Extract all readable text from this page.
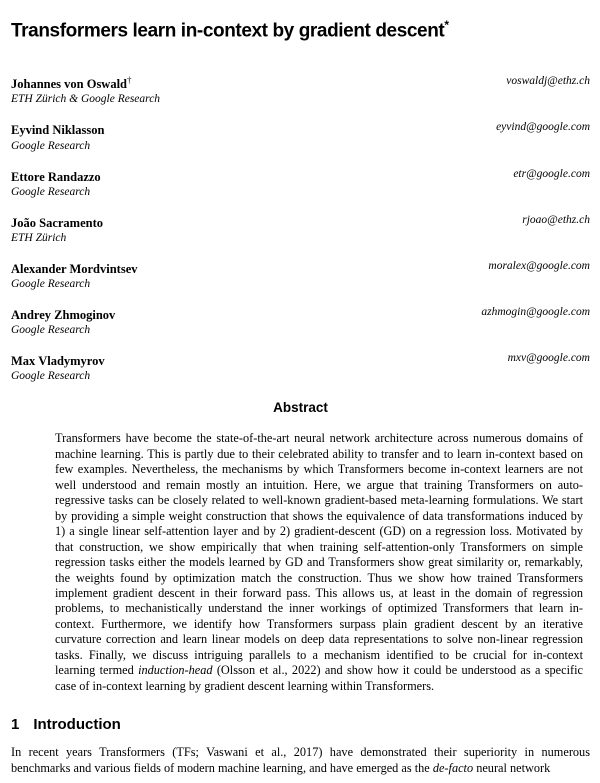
Transformers learn in-context by gradient descent*
Johannes von Oswald†
ETH Zürich & Google Research
voswaldj@ethz.ch
Eyvind Niklasson
Google Research
eyvind@google.com
Ettore Randazzo
Google Research
etr@google.com
João Sacramento
ETH Zürich
rjoao@ethz.ch
Alexander Mordvintsev
Google Research
moralex@google.com
Andrey Zhmoginov
Google Research
azhmogin@google.com
Max Vladymyrov
Google Research
mxv@google.com
Abstract

Transformers have become the state-of-the-art neural network architecture across numerous domains of machine learning. This is partly due to their celebrated ability to transfer and to learn in-context based on few examples. Nevertheless, the mechanisms by which Transformers become in-context learners are not well understood and remain mostly an intuition. Here, we argue that training Transformers on auto-regressive tasks can be closely related to well-known gradient-based meta-learning formulations. We start by providing a simple weight construction that shows the equivalence of data transformations induced by 1) a single linear self-attention layer and by 2) gradient-descent (GD) on a regression loss. Motivated by that construction, we show empirically that when training self-attention-only Transformers on simple regression tasks either the models learned by GD and Transformers show great similarity or, remarkably, the weights found by optimization match the construction. Thus we show how trained Transformers implement gradient descent in their forward pass. This allows us, at least in the domain of regression problems, to mechanistically understand the inner workings of optimized Transformers that learn in-context. Furthermore, we identify how Transformers surpass plain gradient descent by an iterative curvature correction and learn linear models on deep data representations to solve non-linear regression tasks. Finally, we discuss intriguing parallels to a mechanism identified to be crucial for in-context learning termed induction-head (Olsson et al., 2022) and show how it could be understood as a specific case of in-context learning by gradient descent learning within Transformers.

1 Introduction

In recent years Transformers (TFs; Vaswani et al., 2017) have demonstrated their superiority in numerous benchmarks and various fields of modern machine learning, and have emerged as the de-facto neural network
